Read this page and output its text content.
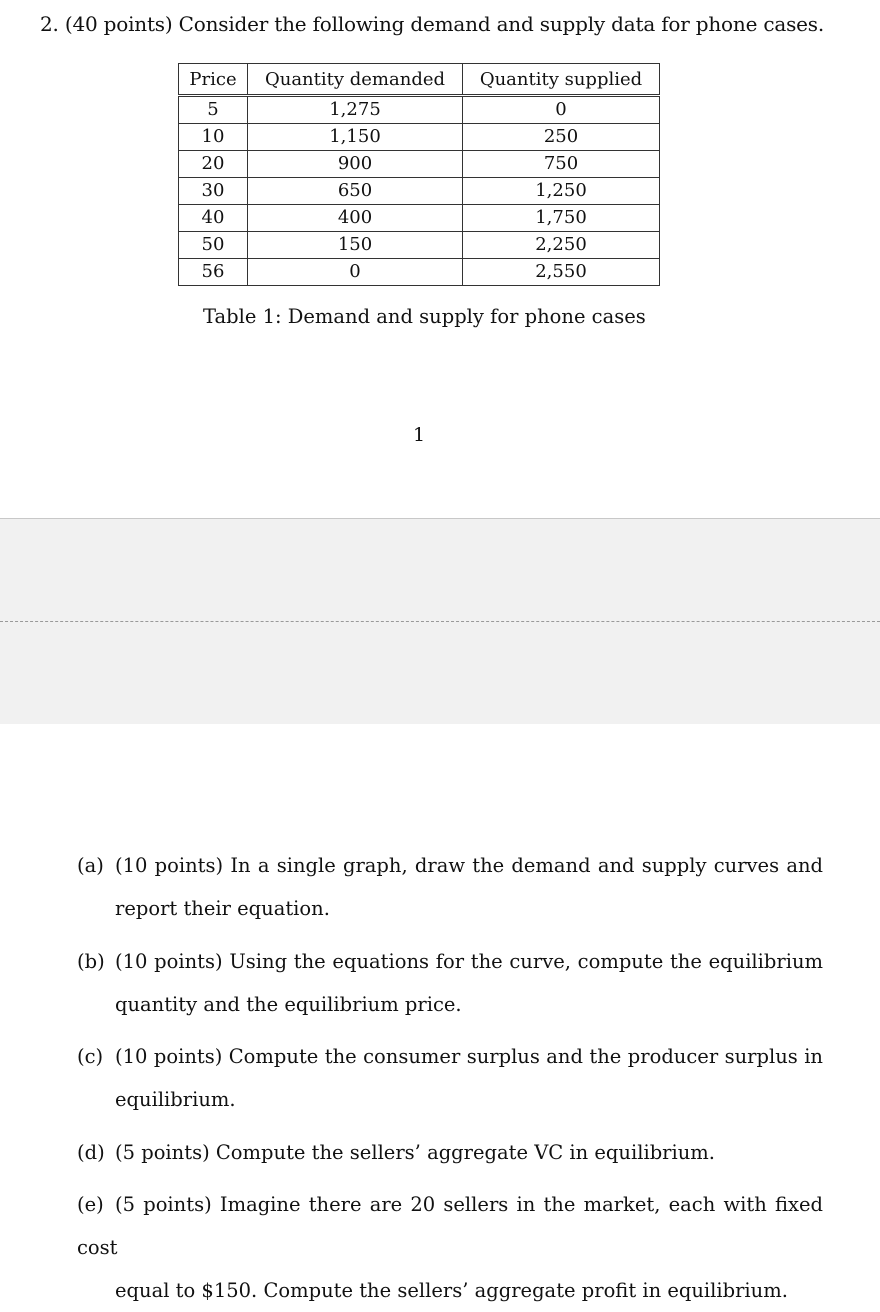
2. (40 points) Consider the following demand and supply data for phone cases.
Price	Quantity demanded	Quantity supplied
5	1,275	0
10	1,150	250
20	900	750
30	650	1,250
40	400	1,750
50	150	2,250
56	0	2,550
Table 1: Demand and supply for phone cases
1
(a) (10 points) In a single graph, draw the demand and supply curves and
report their equation.
(b) (10 points) Using the equations for the curve, compute the equilibrium
quantity and the equilibrium price.
(c) (10 points) Compute the consumer surplus and the producer surplus in
equilibrium.
(d) (5 points) Compute the sellers’ aggregate VC in equilibrium.
(e) (5 points) Imagine there are 20 sellers in the market, each with fixed cost
equal to $150. Compute the sellers’ aggregate profit in equilibrium.
